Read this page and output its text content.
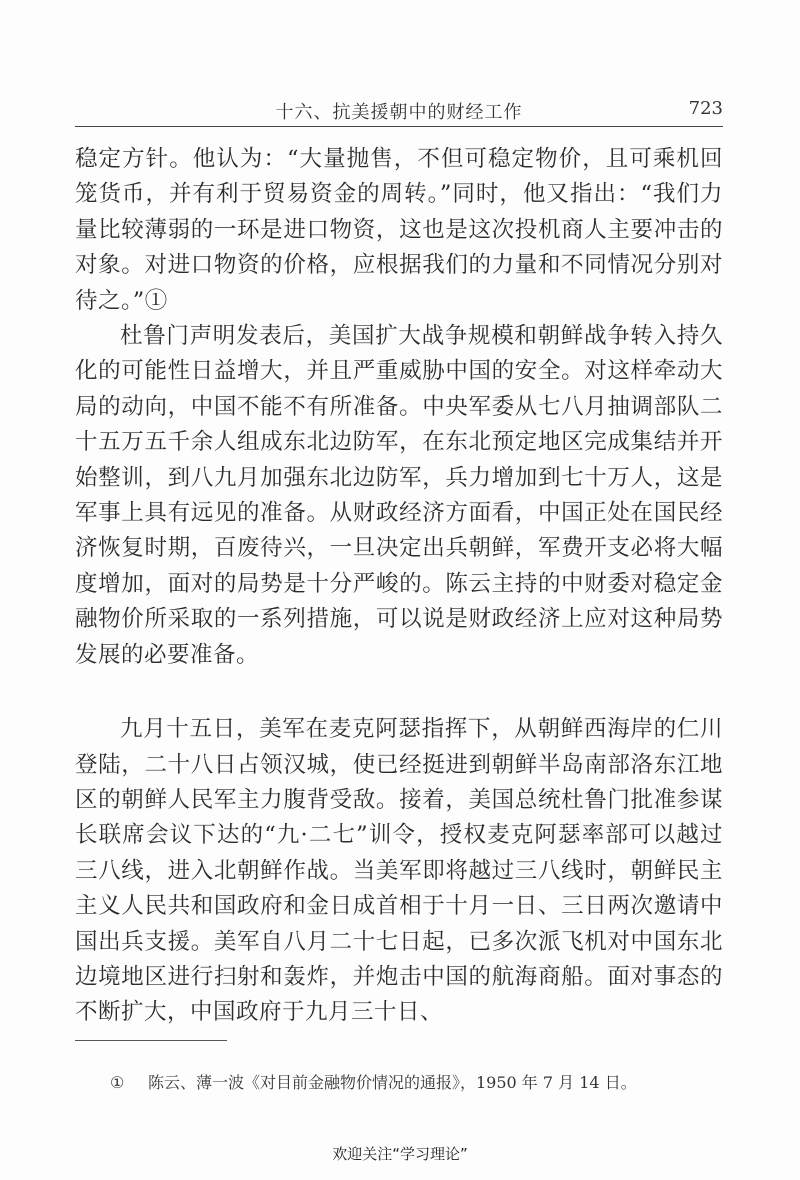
十六、抗美援朝中的财经工作	723

稳定方针。他认为：“大量抛售，不但可稳定物价，且可乘机回笼货币，并有利于贸易资金的周转。”同时，他又指出：“我们力量比较薄弱的一环是进口物资，这也是这次投机商人主要冲击的对象。对进口物资的价格，应根据我们的力量和不同情况分别对待之。”①

杜鲁门声明发表后，美国扩大战争规模和朝鲜战争转入持久化的可能性日益增大，并且严重威胁中国的安全。对这样牵动大局的动向，中国不能不有所准备。中央军委从七八月抽调部队二十五万五千余人组成东北边防军，在东北预定地区完成集结并开始整训，到八九月加强东北边防军，兵力增加到七十万人，这是军事上具有远见的准备。从财政经济方面看，中国正处在国民经济恢复时期，百废待兴，一旦决定出兵朝鲜，军费开支必将大幅度增加，面对的局势是十分严峻的。陈云主持的中财委对稳定金融物价所采取的一系列措施，可以说是财政经济上应对这种局势发展的必要准备。

九月十五日，美军在麦克阿瑟指挥下，从朝鲜西海岸的仁川登陆，二十八日占领汉城，使已经挺进到朝鲜半岛南部洛东江地区的朝鲜人民军主力腹背受敌。接着，美国总统杜鲁门批准参谋长联席会议下达的“九·二七”训令，授权麦克阿瑟率部可以越过三八线，进入北朝鲜作战。当美军即将越过三八线时，朝鲜民主主义人民共和国政府和金日成首相于十月一日、三日两次邀请中国出兵支援。美军自八月二十七日起，已多次派飞机对中国东北边境地区进行扫射和轰炸，并炮击中国的航海商船。面对事态的不断扩大，中国政府于九月三十日、

① 陈云、薄一波《对目前金融物价情况的通报》，1950 年 7 月 14 日。
欢迎关注“学习理论”
